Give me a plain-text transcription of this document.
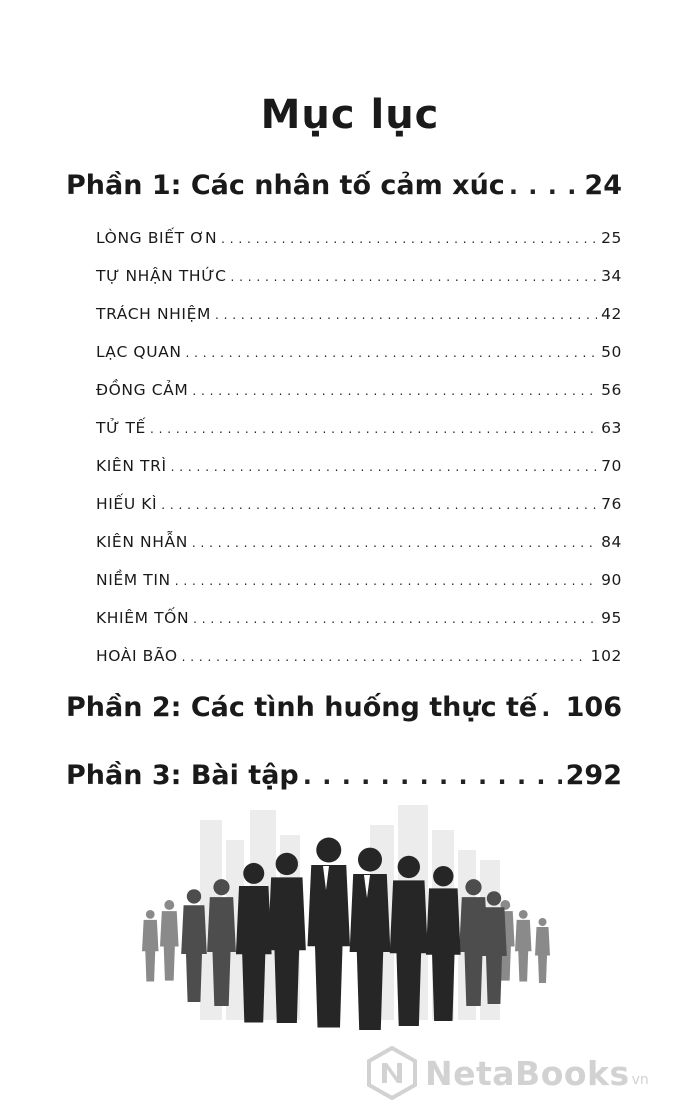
Mục lục
Phần 1: Các nhân tố cảm xúc . . .	24
LÒNG BIẾT ƠN . . .	25
TỰ NHẬN THỨC . . .	34
TRÁCH NHIỆM . . .	42
LẠC QUAN . . .	50
ĐỒNG CẢM . . .	56
TỬ TẾ . . .	63
KIÊN TRÌ . . .	70
HIẾU KÌ . . .	76
KIÊN NHẪN . . .	84
NIỀM TIN . . .	90
KHIÊM TỐN . . .	95
HOÀI BÃO . . .	102
Phần 2: Các tình huống thực tế . . . 106
Phần 3: Bài tập . . .	292
NetaBooks vn
